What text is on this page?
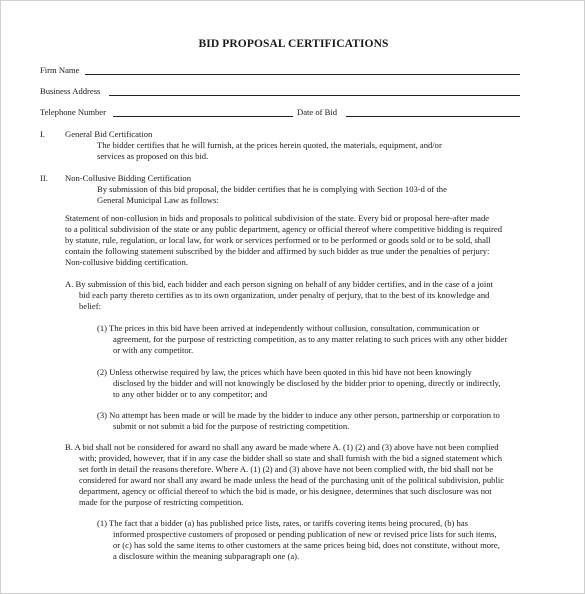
BID PROPOSAL CERTIFICATIONS
Firm Name
Business Address
Telephone Number	Date of Bid
I. General Bid Certification
The bidder certifies that he will furnish, at the prices herein quoted, the materials, equipment, and/or
services as proposed on this bid.
II. Non-Collusive Bidding Certification
By submission of this bid proposal, the bidder certifies that he is complying with Section 103-d of the
General Municipal Law as follows:
Statement of non-collusion in bids and proposals to political subdivision of the state. Every bid or proposal here-after made
to a political subdivision of the state or any public department, agency or official thereof where competitive bidding is required
by statute, rule, regulation, or local law, for work or services performed or to be performed or goods sold or to be sold, shall
contain the following statement subscribed by the bidder and affirmed by such bidder as true under the penalties of perjury:
Non-collusive bidding certification.
A. By submission of this bid, each bidder and each person signing on behalf of any bidder certifies, and in the case of a joint
bid each party thereto certifies as to its own organization, under penalty of perjury, that to the best of its knowledge and
belief:
(1) The prices in this bid have been arrived at independently without collusion, consultation, communication or
agreement, for the purpose of restricting competition, as to any matter relating to such prices with any other bidder
or with any competitor.
(2) Unless otherwise required by law, the prices which have been quoted in this bid have not been knowingly
disclosed by the bidder and will not knowingly be disclosed by the bidder prior to opening, directly or indirectly,
to any other bidder or to any competitor; and
(3) No attempt has been made or will be made by the bidder to induce any other person, partnership or corporation to
submit or not submit a bid for the purpose of restricting competition.
B. A bid shall not be considered for award no shall any award be made where A. (1) (2) and (3) above have not been complied
with; provided, however, that if in any case the bidder shall so state and shall furnish with the bid a signed statement which
set forth in detail the reasons therefore. Where A. (1) (2) and (3) above have not been complied with, the bid shall not be
considered for award nor shall any award be made unless the head of the purchasing unit of the political subdivision, public
department, agency or official thereof to which the bid is made, or his designee, determines that such disclosure was not
made for the purpose of restricting competition.
(1) The fact that a bidder (a) has published price lists, rates, or tariffs covering items being procured, (b) has
informed prospective customers of proposed or pending publication of new or revised price lists for such items,
or (c) has sold the same items to other customers at the same prices being bid, does not constitute, without more,
a disclosure within the meaning subparagraph one (a).
